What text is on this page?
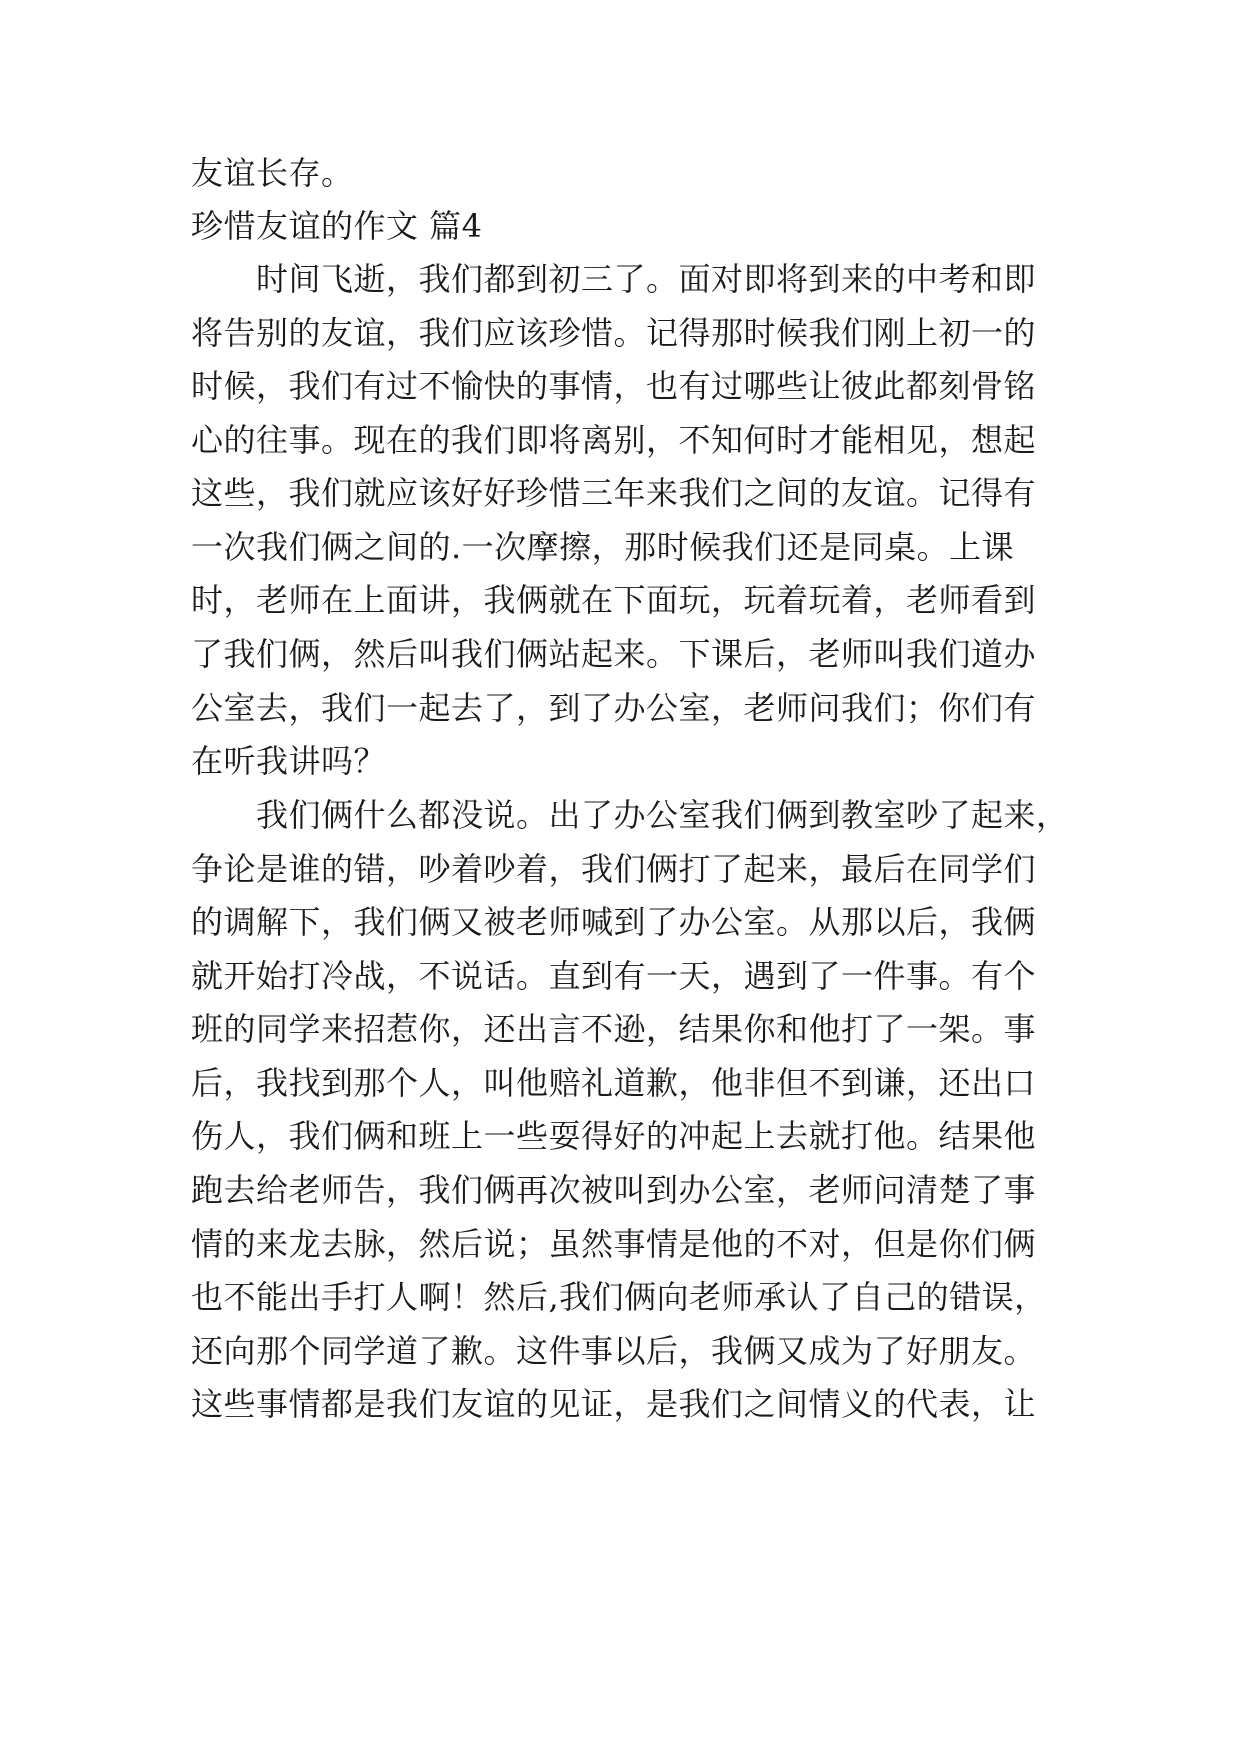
友谊长存。
珍惜友谊的作文 篇4
时间飞逝，我们都到初三了。面对即将到来的中考和即
将告别的友谊，我们应该珍惜。记得那时候我们刚上初一的
时候，我们有过不愉快的事情，也有过哪些让彼此都刻骨铭
心的往事。现在的我们即将离别，不知何时才能相见，想起
这些，我们就应该好好珍惜三年来我们之间的友谊。记得有
一次我们俩之间的.一次摩擦，那时候我们还是同桌。上课
时，老师在上面讲，我俩就在下面玩，玩着玩着，老师看到
了我们俩，然后叫我们俩站起来。下课后，老师叫我们道办
公室去，我们一起去了，到了办公室，老师问我们；你们有
在听我讲吗？
我们俩什么都没说。出了办公室我们俩到教室吵了起来，
争论是谁的错，吵着吵着，我们俩打了起来，最后在同学们
的调解下，我们俩又被老师喊到了办公室。从那以后，我俩
就开始打冷战，不说话。直到有一天，遇到了一件事。有个
班的同学来招惹你，还出言不逊，结果你和他打了一架。事
后，我找到那个人，叫他赔礼道歉，他非但不到谦，还出口
伤人，我们俩和班上一些耍得好的冲起上去就打他。结果他
跑去给老师告，我们俩再次被叫到办公室，老师问清楚了事
情的来龙去脉，然后说；虽然事情是他的不对，但是你们俩
也不能出手打人啊！然后,我们俩向老师承认了自己的错误，
还向那个同学道了歉。这件事以后，我俩又成为了好朋友。
这些事情都是我们友谊的见证，是我们之间情义的代表，让
